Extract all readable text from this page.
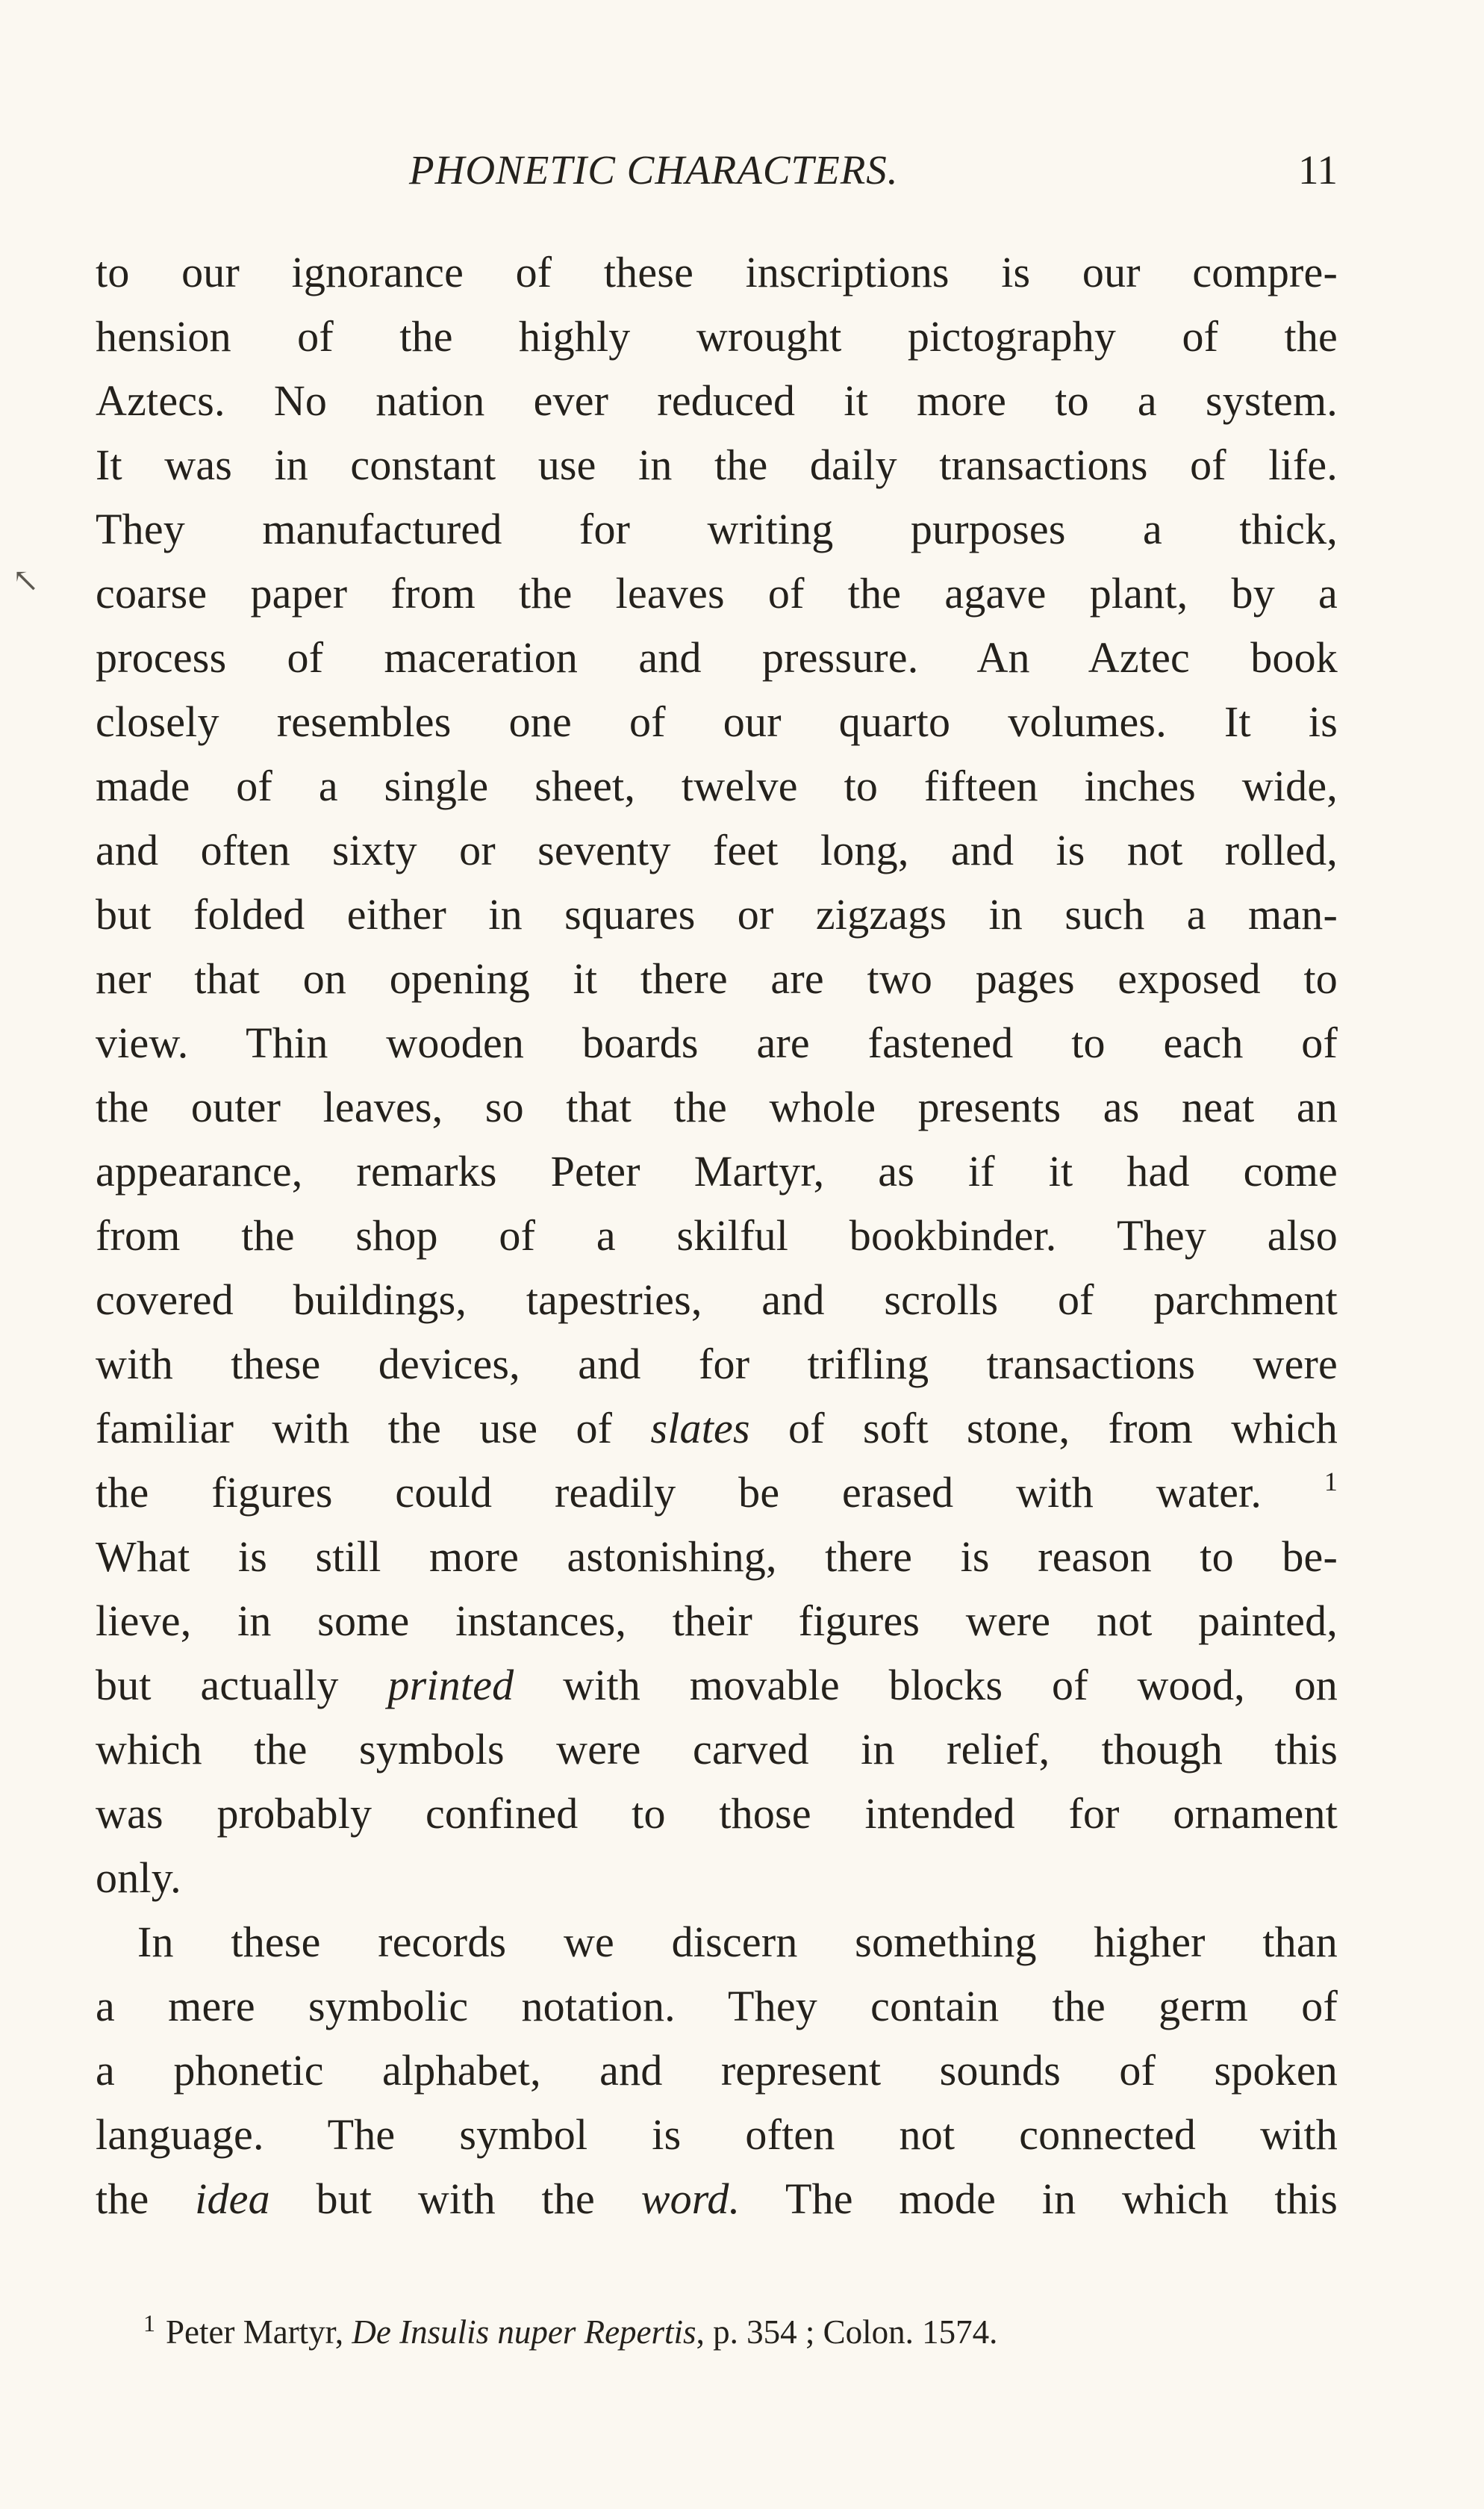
PHONETIC CHARACTERS.	11
↖
to our ignorance of these inscriptions is our compre-
hension of the highly wrought pictography of the
Aztecs. No nation ever reduced it more to a system.
It was in constant use in the daily transactions of life.
They manufactured for writing purposes a thick,
coarse paper from the leaves of the agave plant, by a
process of maceration and pressure. An Aztec book
closely resembles one of our quarto volumes. It is
made of a single sheet, twelve to fifteen inches wide,
and often sixty or seventy feet long, and is not rolled,
but folded either in squares or zigzags in such a man-
ner that on opening it there are two pages exposed to
view. Thin wooden boards are fastened to each of
the outer leaves, so that the whole presents as neat an
appearance, remarks Peter Martyr, as if it had come
from the shop of a skilful bookbinder. They also
covered buildings, tapestries, and scrolls of parchment
with these devices, and for trifling transactions were
familiar with the use of slates of soft stone, from which
the figures could readily be erased with water. $^1$
What is still more astonishing, there is reason to be-
lieve, in some instances, their figures were not painted,
but actually printed with movable blocks of wood, on
which the symbols were carved in relief, though this
was probably confined to those intended for ornament
only.
In these records we discern something higher than
a mere symbolic notation. They contain the germ of
a phonetic alphabet, and represent sounds of spoken
language. The symbol is often not connected with
the idea but with the word. The mode in which this
$^1$ Peter Martyr, De Insulis nuper Repertis, p. 354 ; Colon. 1574.
